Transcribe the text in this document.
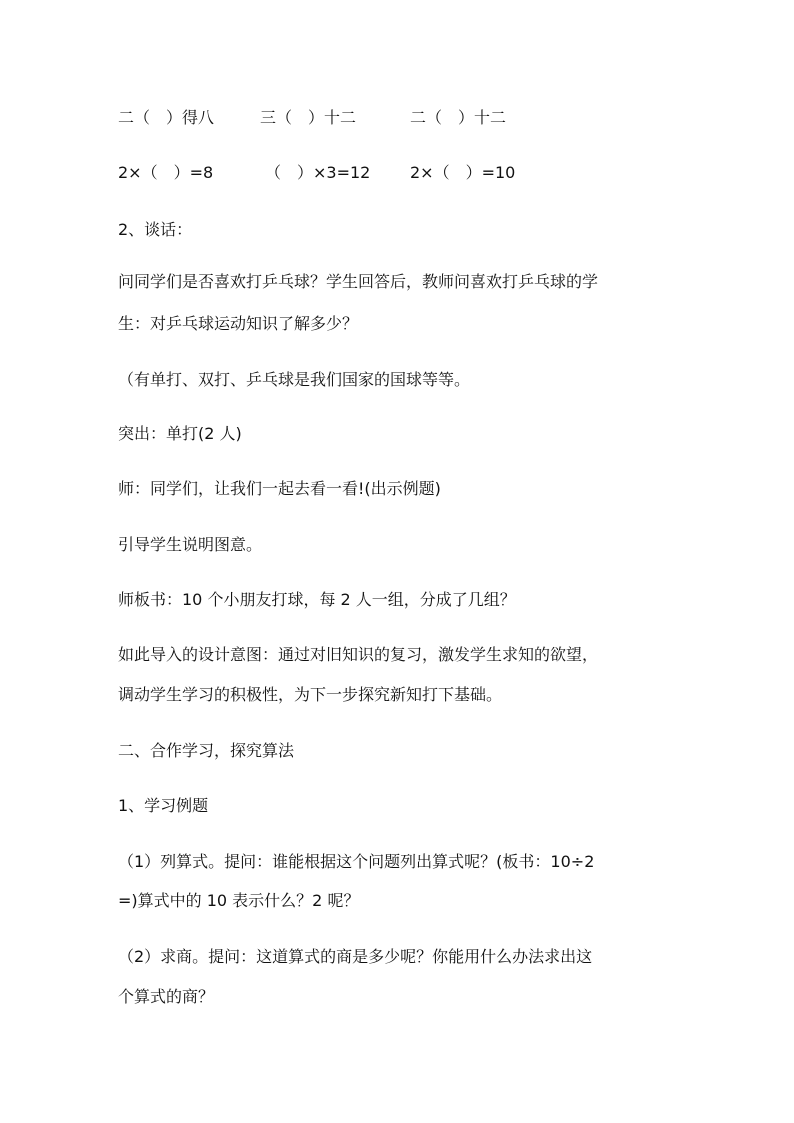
二（　）得八	三（　）十二	二（　）十二
2×（　）=8	（　）×3=12 2×（　）=10
2、谈话：
问同学们是否喜欢打乒乓球？学生回答后，教师问喜欢打乒乓球的学
生：对乒乓球运动知识了解多少？
（有单打、双打、乒乓球是我们国家的国球等等。
突出：单打(2 人)
师：同学们，让我们一起去看一看!(出示例题)
引导学生说明图意。
师板书：10 个小朋友打球，每 2 人一组，分成了几组？
如此导入的设计意图：通过对旧知识的复习，激发学生求知的欲望，
调动学生学习的积极性，为下一步探究新知打下基础。
二、合作学习，探究算法
1、学习例题
（1）列算式。提问：谁能根据这个问题列出算式呢？(板书：10÷2
=)算式中的 10 表示什么？2 呢？
（2）求商。提问：这道算式的商是多少呢？你能用什么办法求出这
个算式的商？
